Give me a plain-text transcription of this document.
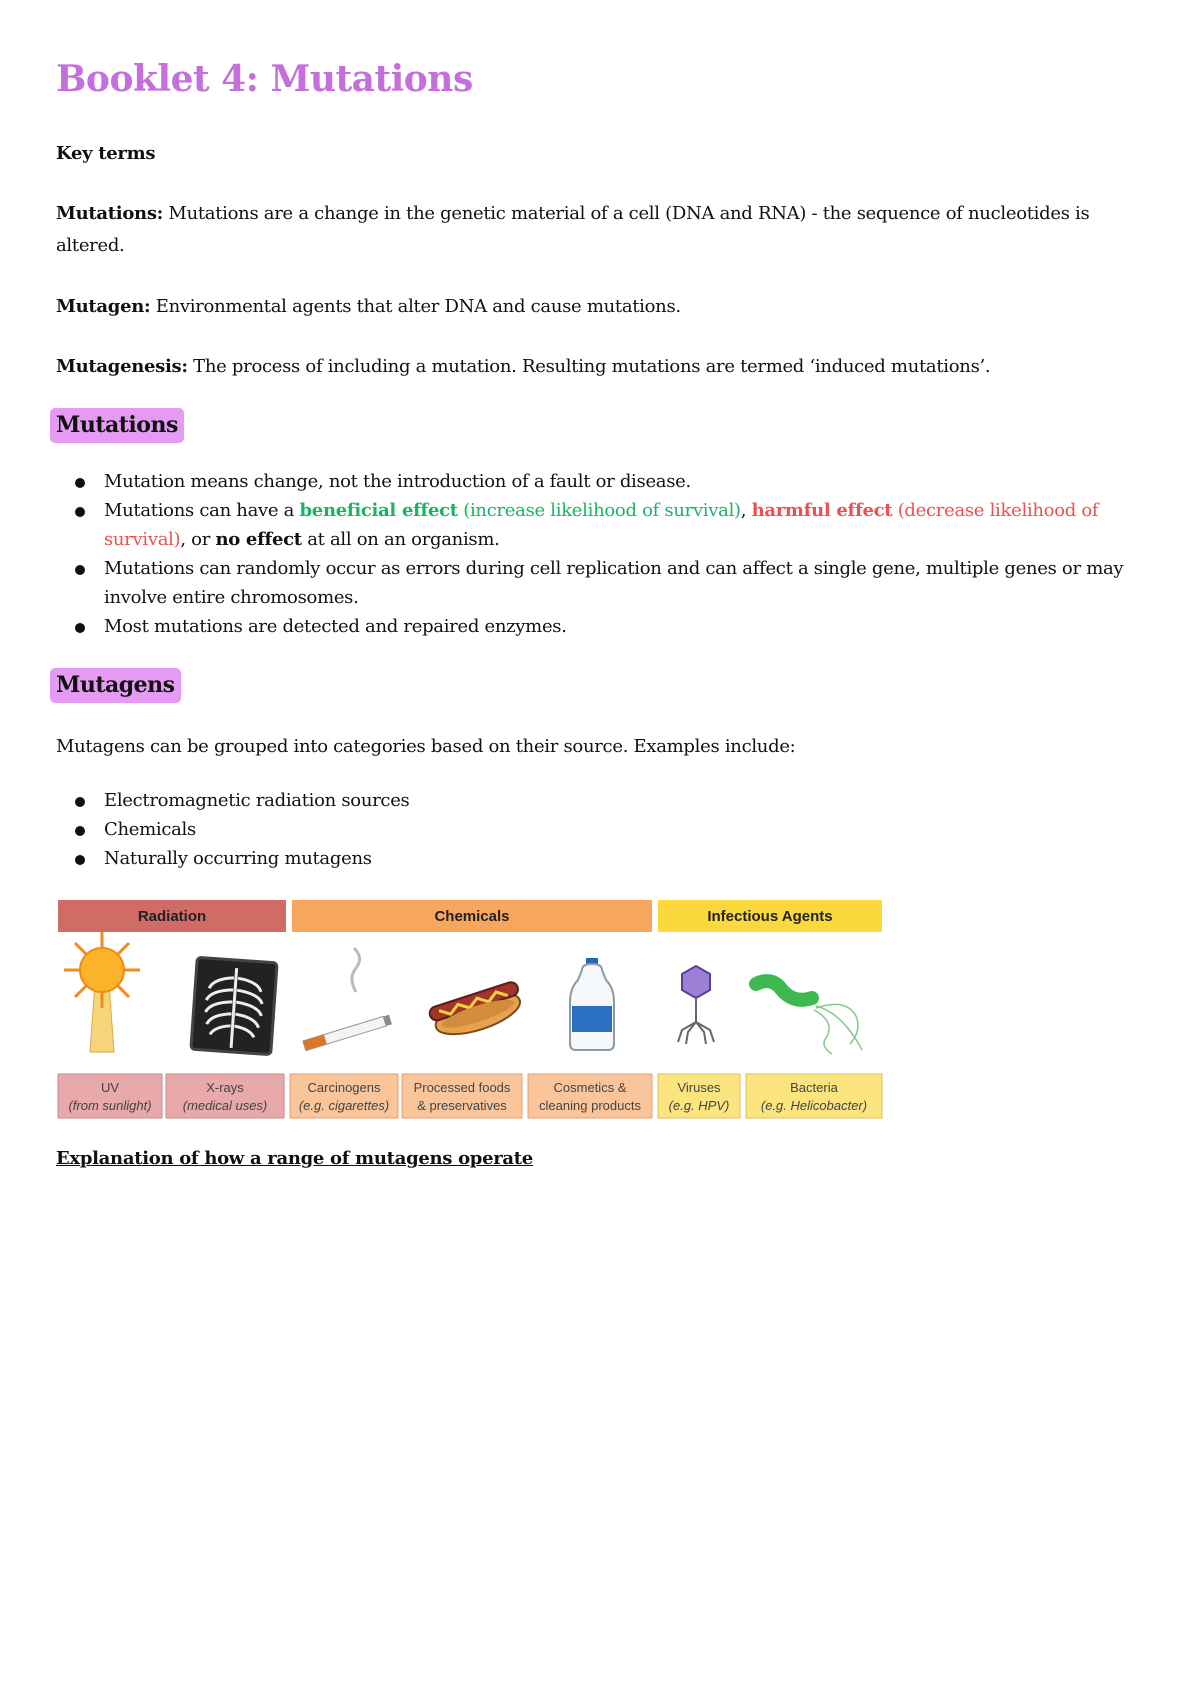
Booklet 4: Mutations

Key terms

Mutations: Mutations are a change in the genetic material of a cell (DNA and RNA) - the sequence of nucleotides is altered.

Mutagen: Environmental agents that alter DNA and cause mutations.

Mutagenesis: The process of including a mutation. Resulting mutations are termed ‘induced mutations’.

Mutations
Mutation means change, not the introduction of a fault or disease.
Mutations can have a beneficial effect (increase likelihood of survival), harmful effect (decrease likelihood of survival), or no effect at all on an organism.
Mutations can randomly occur as errors during cell replication and can affect a single gene, multiple genes or may involve entire chromosomes.
Most mutations are detected and repaired enzymes.
Mutagens

Mutagens can be grouped into categories based on their source. Examples include:

Electromagnetic radiation sources
Chemicals
Naturally occurring mutagens
Radiation	Chemicals	Infectious Agents
UV
(from sunlight)
X-rays
(medical uses)
Carcinogens
(e.g. cigarettes)
Processed foods
& preservatives
Cosmetics &
cleaning products
Viruses
(e.g. HPV)
Bacteria
(e.g. Helicobacter)

Explanation of how a range of mutagens operate
